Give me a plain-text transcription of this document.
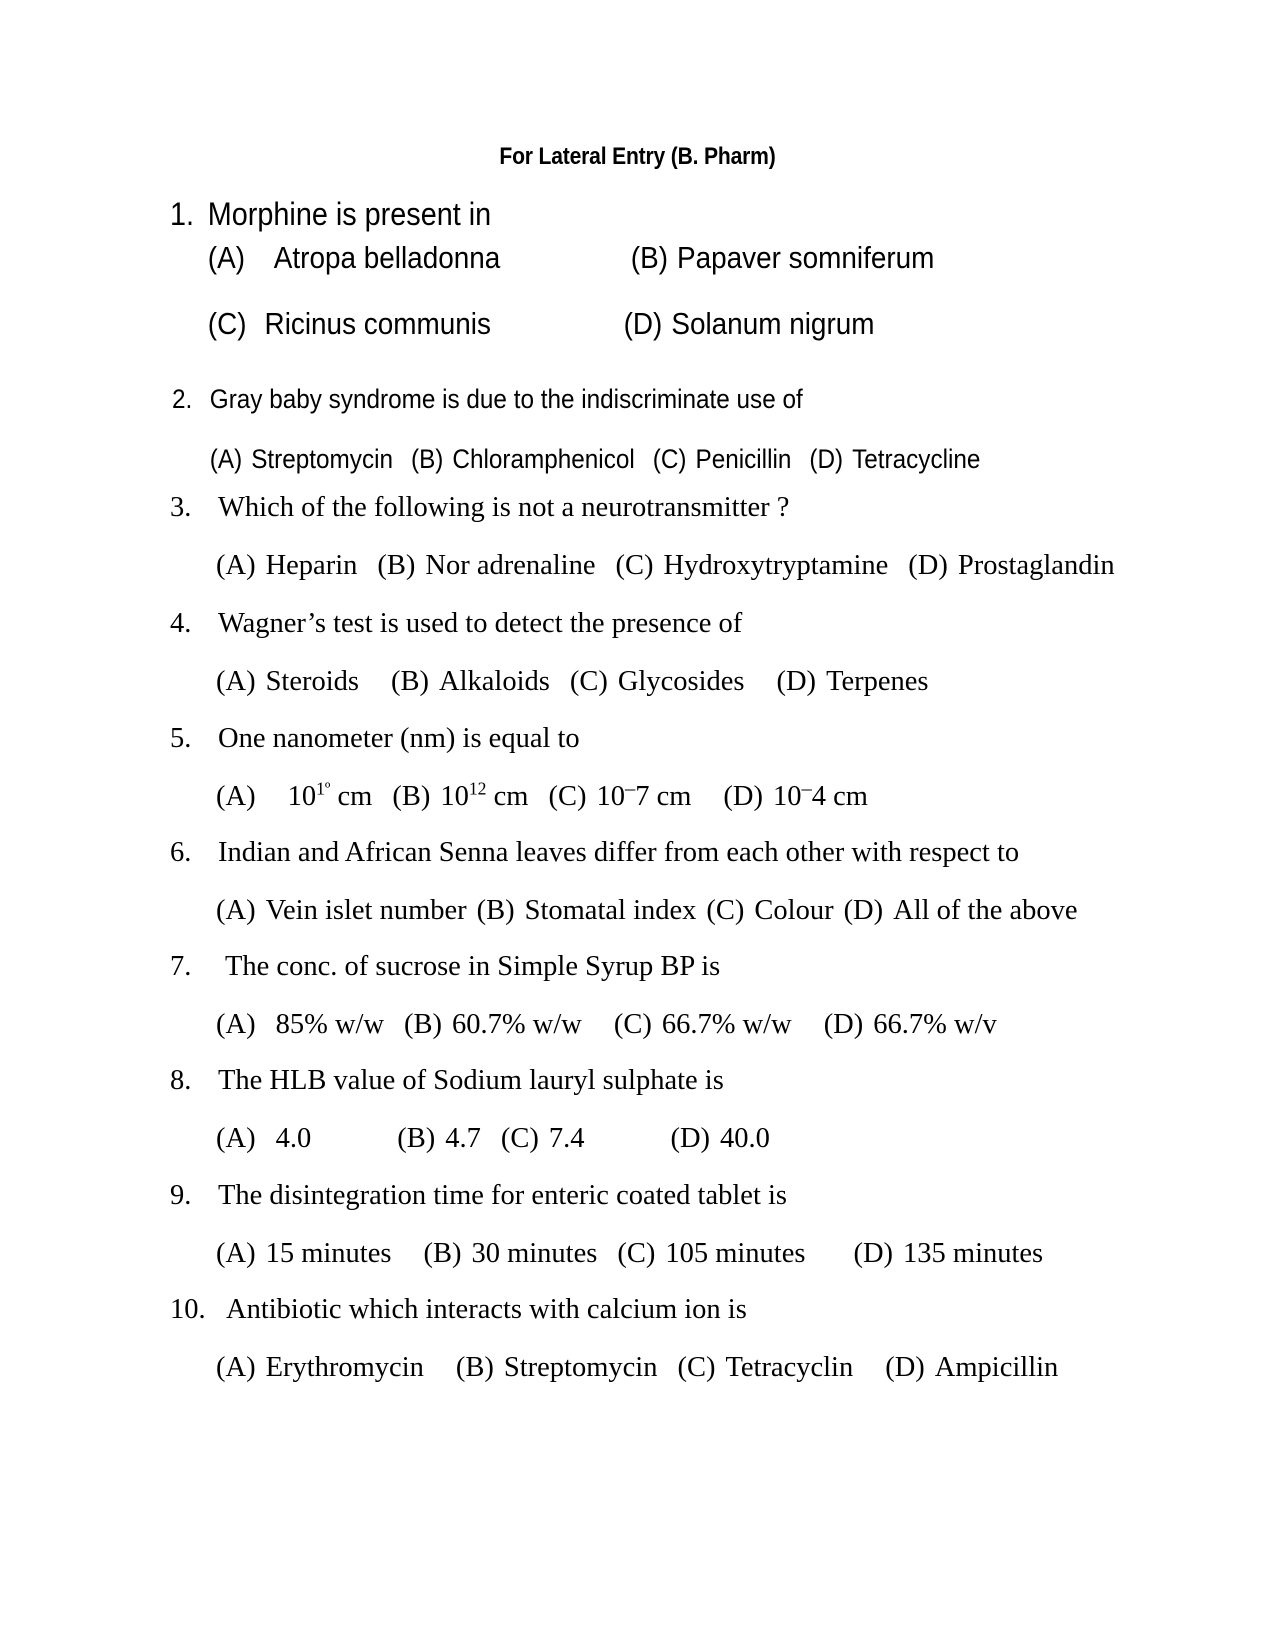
For Lateral Entry (B. Pharm)
1. Morphine is present in
(A) Atropa belladonna	(B) Papaver somniferum
(C) Ricinus communis	(D) Solanum nigrum
2. Gray baby syndrome is due to the indiscriminate use of
(A) Streptomycin (B) Chloramphenicol (C) Penicillin (D) Tetracycline
3. Which of the following is not a neurotransmitter ?
(A) Heparin (B) Nor adrenaline (C) Hydroxytryptamine (D) Prostaglandin
4. Wagner’s test is used to detect the presence of
(A) Steroids (B) Alkaloids (C) Glycosides (D) Terpenes
5. One nanometer (nm) is equal to
(A) $10^{1º}$ cm (B) $10^{12}$ cm (C) 10–7 cm (D) 10–4 cm
6. Indian and African Senna leaves differ from each other with respect to
(A) Vein islet number (B) Stomatal index (C) Colour (D) All of the above
7. The conc. of sucrose in Simple Syrup BP is
(A) 85% w/w (B) 60.7% w/w (C) 66.7% w/w (D) 66.7% w/v
8. The HLB value of Sodium lauryl sulphate is
(A) 4.0	(B) 4.7 (C) 7.4	(D) 40.0
9. The disintegration time for enteric coated tablet is
(A) 15 minutes (B) 30 minutes (C) 105 minutes (D) 135 minutes
10. Antibiotic which interacts with calcium ion is
(A) Erythromycin (B) Streptomycin (C) Tetracyclin (D) Ampicillin
